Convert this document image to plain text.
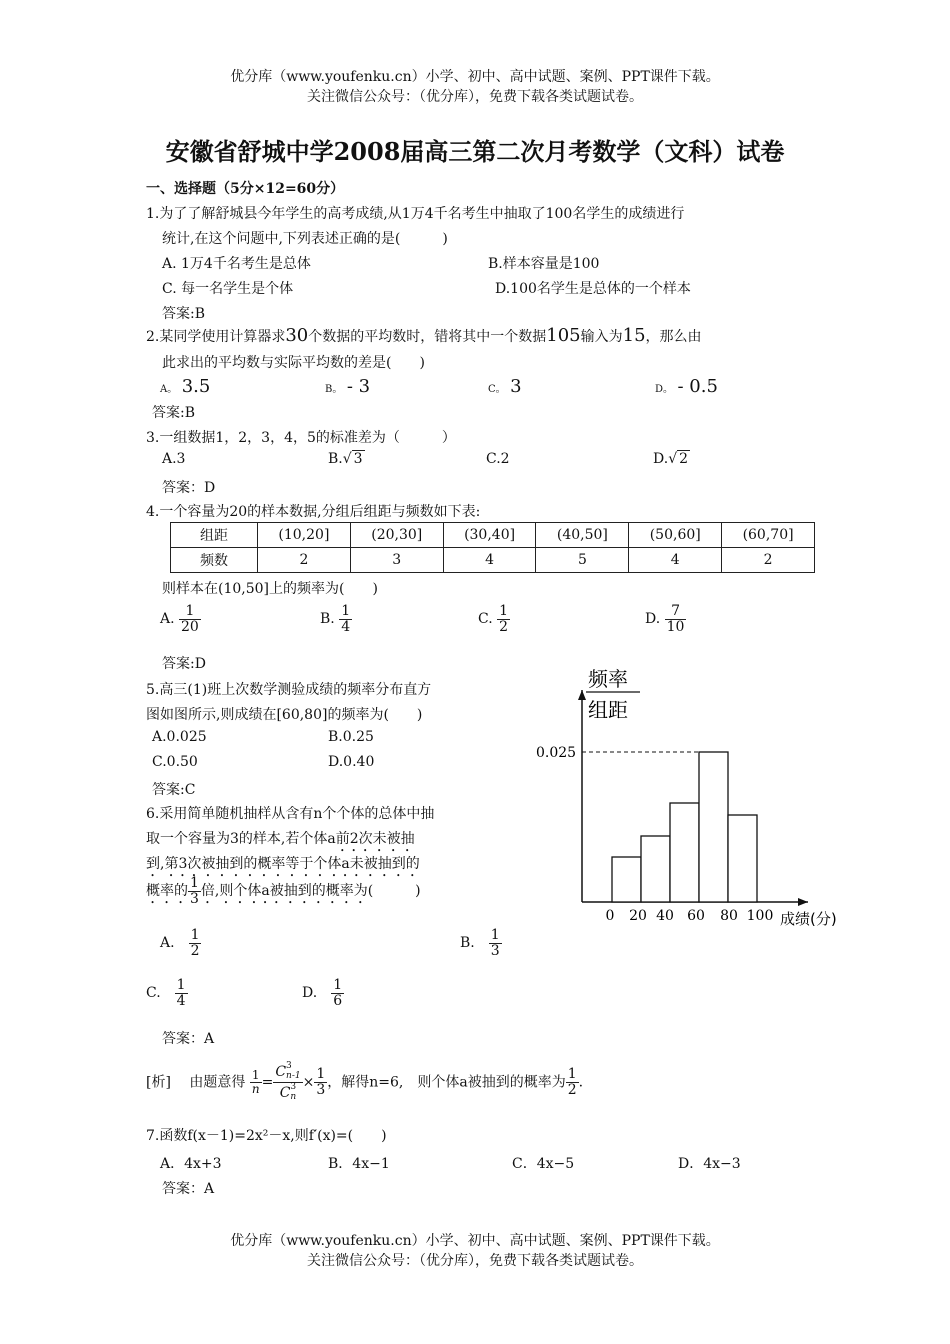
优分库（www.youfenku.cn）小学、初中、高中试题、案例、PPT课件下载。
关注微信公众号：（优分库），免费下载各类试题试卷。
安徽省舒城中学2008届高三第二次月考数学（文科）试卷
一、选择题（5分×12=60分）
1.为了了解舒城县今年学生的高考成绩,从1万4千名考生中抽取了100名学生的成绩进行
统计,在这个问题中,下列表述正确的是(　　　)
A. 1万4千名考生是总体	B.样本容量是100
C. 每一名学生是个体	D.100名学生是总体的一个样本
答案:B
2.某同学使用计算器求30个数据的平均数时，错将其中一个数据105输入为15，那么由
此求出的平均数与实际平均数的差是(　　)
A。 3.5	B。 - 3	C。 3	D。 - 0.5
答案:B
3.一组数据1，2，3，4，5的标准差为（　　　）
A.3	B.√ 3	C.2	D.√ 2
答案：D
4.一个容量为20的样本数据,分组后组距与频数如下表:
组距	(10,20]	(20,30]	(30,40]	(40,50]	(50,60]	(60,70]
频数	2	3	4	5	4	2
则样本在(10,50]上的频率为(　　)
A. $\frac{1}{20}$	B. $\frac{1}{4}$	C. $\frac{1}{2}$	D. $\frac{7}{10}$
答案:D
5.高三(1)班上次数学测验成绩的频率分布直方
图如图所示,则成绩在[60,80]的频率为(　　)
A.0.025	B.0.25
C.0.50	D.0.40
答案:C
频率
组距
0.025
0 20 40 60 80 100 成绩(分)
6.采用简单随机抽样从含有n个个体的总体中抽
取一个容量为3的样本,若个体a前2次未被抽
到,第3次被抽到的概率等于个体a未被抽到的
概率的 $\frac{1}{3}$ 倍,则个体a被抽到的概率为(　　　)
A.　 $\frac{1}{2}$	B.　 $\frac{1}{3}$
C.　 $\frac{1}{4}$	D.　 $\frac{1}{6}$
答案：A
[析]　 由题意得 $\frac{1}{n} = C$ 3
n-1
C 3
$n \times \frac{1}{3}$ ，解得n=6,　则个体a被抽到的概率为 $\frac{1}{2}$ .
7.函数f(x－1)=2x²－x,则f′(x)=(　　)
A．4x+3	B．4x−1	C．4x−5	D．4x−3
答案：A
优分库（www.youfenku.cn）小学、初中、高中试题、案例、PPT课件下载。
关注微信公众号：（优分库），免费下载各类试题试卷。
